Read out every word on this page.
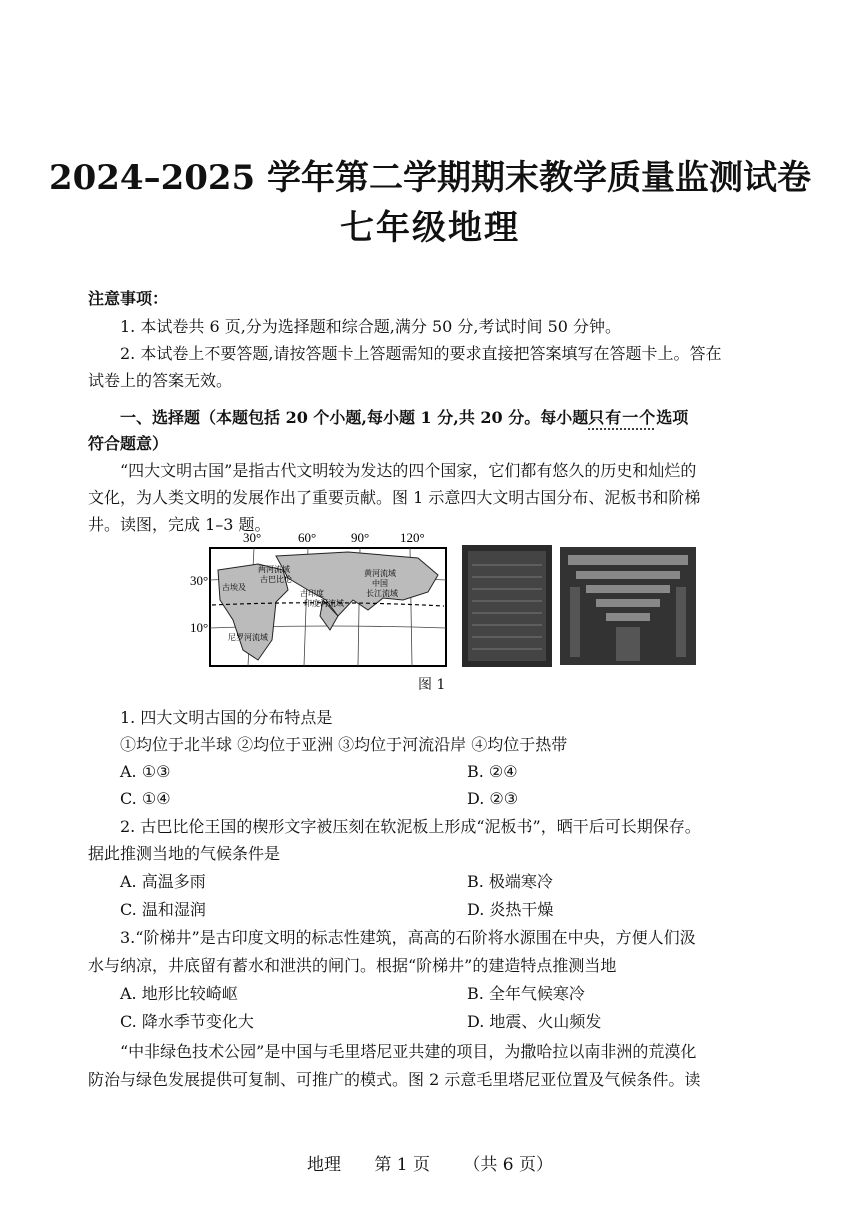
2024–2025 学年第二学期期末教学质量监测试卷
七年级地理
注意事项：
1. 本试卷共 6 页,分为选择题和综合题,满分 50 分,考试时间 50 分钟。
2. 本试卷上不要答题,请按答题卡上答题需知的要求直接把答案填写在答题卡上。答在
试卷上的答案无效。
一、选择题（本题包括 20 个小题,每小题 1 分,共 20 分。每小题只有一个选项
符合题意）
“四大文明古国”是指古代文明较为发达的四个国家，它们都有悠久的历史和灿烂的
文化，为人类文明的发展作出了重要贡献。图 1 示意四大文明古国分布、泥板书和阶梯
井。读图，完成 1–3 题。
30°	60°	90° 120°
30°
10°
两河流域
古巴比伦
古埃及
尼罗河流域
古印度
印度河流域
黄河流域
中国
长江流域
图 1
1. 四大文明古国的分布特点是
①均位于北半球 ②均位于亚洲 ③均位于河流沿岸 ④均位于热带
A. ①③	B. ②④
C. ①④	D. ②③
2. 古巴比伦王国的楔形文字被压刻在软泥板上形成“泥板书”，晒干后可长期保存。
据此推测当地的气候条件是
A. 高温多雨	B. 极端寒冷
C. 温和湿润	D. 炎热干燥
3.“阶梯井”是古印度文明的标志性建筑，高高的石阶将水源围在中央，方便人们汲
水与纳凉，井底留有蓄水和泄洪的闸门。根据“阶梯井”的建造特点推测当地
A. 地形比较崎岖	B. 全年气候寒冷
C. 降水季节变化大	D. 地震、火山频发
“中非绿色技术公园”是中国与毛里塔尼亚共建的项目，为撒哈拉以南非洲的荒漠化
防治与绿色发展提供可复制、可推广的模式。图 2 示意毛里塔尼亚位置及气候条件。读
地理 第 1 页 （共 6 页）
